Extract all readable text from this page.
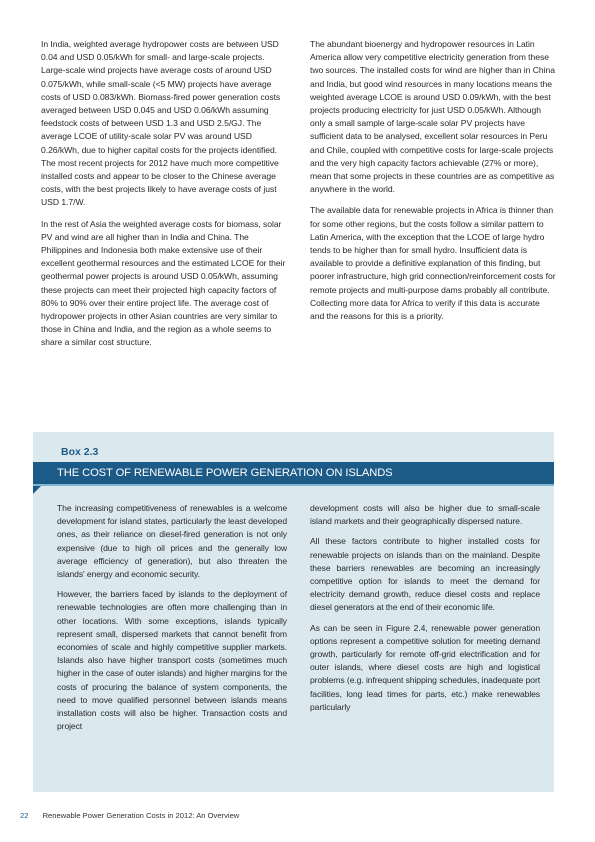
In India, weighted average hydropower costs are between USD 0.04 and USD 0.05/kWh for small- and large-scale projects. Large-scale wind projects have average costs of around USD 0.075/kWh, while small-scale (<5 MW) projects have average costs of USD 0.083/kWh. Biomass-fired power generation costs averaged between USD 0.045 and USD 0.06/kWh assuming feedstock costs of between USD 1.3 and USD 2.5/GJ. The average LCOE of utility-scale solar PV was around USD 0.26/kWh, due to higher capital costs for the projects identified. The most recent projects for 2012 have much more competitive installed costs and appear to be closer to the Chinese average costs, with the best projects likely to have average costs of just USD 1.7/W.

In the rest of Asia the weighted average costs for biomass, solar PV and wind are all higher than in India and China. The Philippines and Indonesia both make extensive use of their excellent geothermal resources and the estimated LCOE for their geothermal power projects is around USD 0.05/kWh, assuming these projects can meet their projected high capacity factors of 80% to 90% over their entire project life. The average cost of hydropower projects in other Asian countries are very similar to those in China and India, and the region as a whole seems to share a similar cost structure.

The abundant bioenergy and hydropower resources in Latin America allow very competitive electricity generation from these two sources. The installed costs for wind are higher than in China and India, but good wind resources in many locations means the weighted average LCOE is around USD 0.09/kWh, with the best projects producing electricity for just USD 0.05/kWh. Although only a small sample of large-scale solar PV projects have sufficient data to be analysed, excellent solar resources in Peru and Chile, coupled with competitive costs for large-scale projects and the very high capacity factors achievable (27% or more), mean that some projects in these countries are as competitive as anywhere in the world.

The available data for renewable projects in Africa is thinner than for some other regions, but the costs follow a similar pattern to Latin America, with the exception that the LCOE of large hydro tends to be higher than for small hydro. Insufficient data is available to provide a definitive explanation of this finding, but poorer infrastructure, high grid connection/reinforcement costs for remote projects and multi-purpose dams probably all contribute. Collecting more data for Africa to verify if this data is accurate and the reasons for this is a priority.

Box 2.3
THE COST OF RENEWABLE POWER GENERATION ON ISLANDS

The increasing competitiveness of renewables is a welcome development for island states, particularly the least developed ones, as their reliance on diesel-fired generation is not only expensive (due to high oil prices and the generally low average efficiency of generation), but also threaten the islands' energy and economic security.

However, the barriers faced by islands to the deployment of renewable technologies are often more challenging than in other locations. With some exceptions, islands typically represent small, dispersed markets that cannot benefit from economies of scale and highly competitive supplier markets. Islands also have higher transport costs (sometimes much higher in the case of outer islands) and higher margins for the costs of procuring the balance of system components, the need to move qualified personnel between islands means installation costs will also be higher. Transaction costs and project

development costs will also be higher due to small-scale island markets and their geographically dispersed nature.

All these factors contribute to higher installed costs for renewable projects on islands than on the mainland. Despite these barriers renewables are becoming an increasingly competitive option for islands to meet the demand for electricity demand growth, reduce diesel costs and replace diesel generators at the end of their economic life.

As can be seen in Figure 2.4, renewable power generation options represent a competitive solution for meeting demand growth, particularly for remote off-grid electrification and for outer islands, where diesel costs are high and logistical problems (e.g. infrequent shipping schedules, inadequate port facilities, long lead times for parts, etc.) make renewables particularly

22 Renewable Power Generation Costs in 2012: An Overview
